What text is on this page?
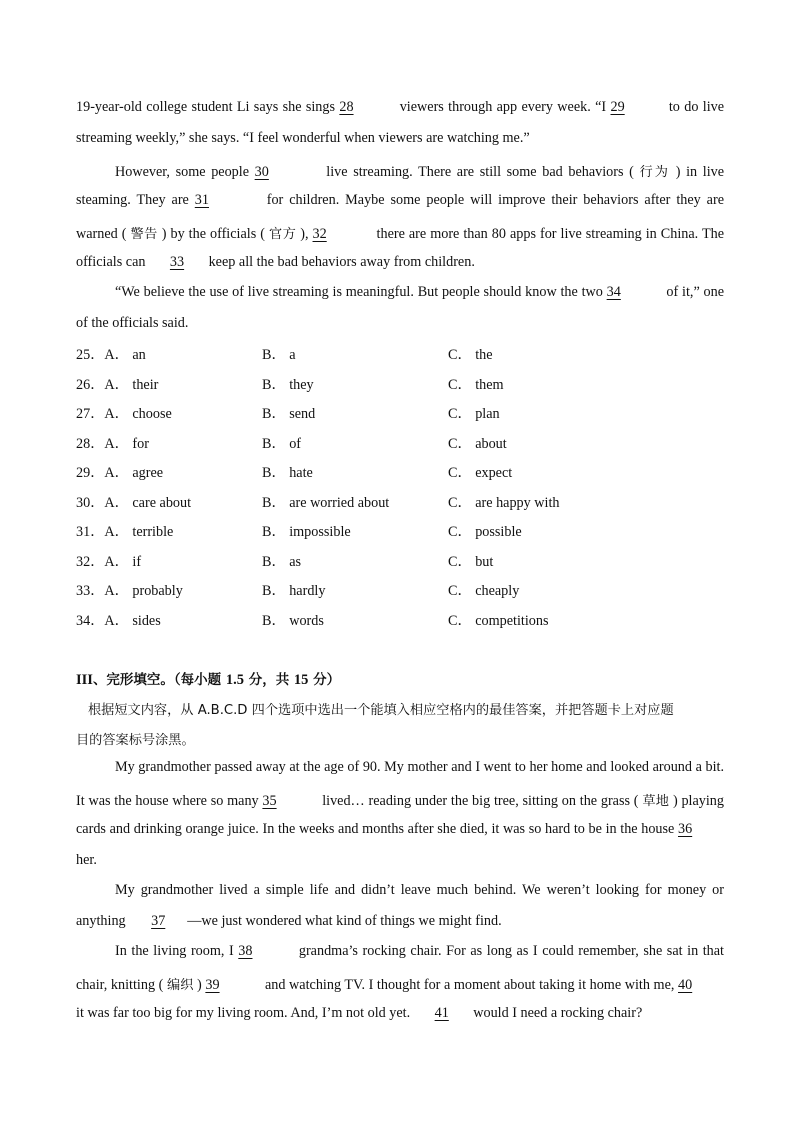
19-year-old college student Li says she sings 28	viewers through app every week. “I 29	to do live
streaming weekly,” she says. “I feel wonderful when viewers are watching me.”
However, some people 30	live streaming. There are still some bad behaviors ( 行为 ) in live
steaming. They are 31	for children. Maybe some people will improve their behaviors after they are
warned ( 警告 ) by the officials ( 官方 ), 32	there are more than 80 apps for live streaming in China. The
officials can 33 keep all the bad behaviors away from children.
“We believe the use of live streaming is meaningful. But people should know the two 34	of it,” one
of the officials said.
25．A． an	B． a	C． the
26．A． their	B． they	C． them
27．A． choose	B． send	C． plan
28．A． for	B． of	C． about
29．A． agree	B． hate	C． expect
30．A． care about	B． are worried about	C． are happy with
31．A． terrible	B． impossible	C． possible
32．A． if	B． as	C． but
33．A． probably	B． hardly	C． cheaply
34．A． sides	B． words	C． competitions
III、完形填空。（每小题 1.5 分，共 15 分）
根据短文内容，从 A.B.C.D 四个选项中选出一个能填入相应空格内的最佳答案，并把答题卡上对应题
目的答案标号涂黑。
My grandmother passed away at the age of 90. My mother and I went to her home and looked around a bit.
It was the house where so many 35	lived… reading under the big tree, sitting on the grass ( 草地 ) playing
cards and drinking orange juice. In the weeks and months after she died, it was so hard to be in the house 36
her.
My grandmother lived a simple life and didn’t leave much behind. We weren’t looking for money or
anything 37 —we just wondered what kind of things we might find.
In the living room, I 38	grandma’s rocking chair. For as long as I could remember, she sat in that
chair, knitting ( 编织 ) 39	and watching TV. I thought for a moment about taking it home with me, 40
it was far too big for my living room. And, I’m not old yet. 41 would I need a rocking chair?
